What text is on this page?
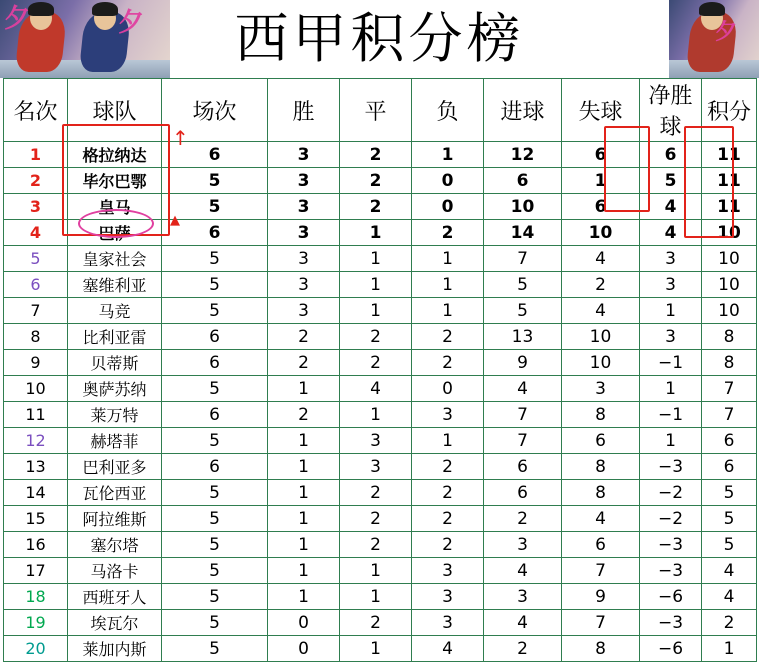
夕	夕	西甲积分榜	夕
名次	球队	场次	胜	平	负	进球	失球	净胜球	积分
1	格拉纳达	6	3	2	1	12	6	6	11
2	毕尔巴鄂	5	3	2	0	6	1	5	11
3	皇马	5	3	2	0	10	6	4	11
4	巴萨	6	3	1	2	14	10	4	10
5	皇家社会	5	3	1	1	7	4	3	10
6	塞维利亚	5	3	1	1	5	2	3	10
7	马竞	5	3	1	1	5	4	1	10
8	比利亚雷	6	2	2	2	13	10	3	8
9	贝蒂斯	6	2	2	2	9	10	−1	8
10	奥萨苏纳	5	1	4	0	4	3	1	7
11	莱万特	6	2	1	3	7	8	−1	7
12	赫塔菲	5	1	3	1	7	6	1	6
13	巴利亚多	6	1	3	2	6	8	−3	6
14	瓦伦西亚	5	1	2	2	6	8	−2	5
15	阿拉维斯	5	1	2	2	2	4	−2	5
16	塞尔塔	5	1	2	2	3	6	−3	5
17	马洛卡	5	1	1	3	4	7	−3	4
18	西班牙人	5	1	1	3	3	9	−6	4
19	埃瓦尔	5	0	2	3	4	7	−3	2
20	莱加内斯	5	0	1	4	2	8	−6	1
↑
▲
